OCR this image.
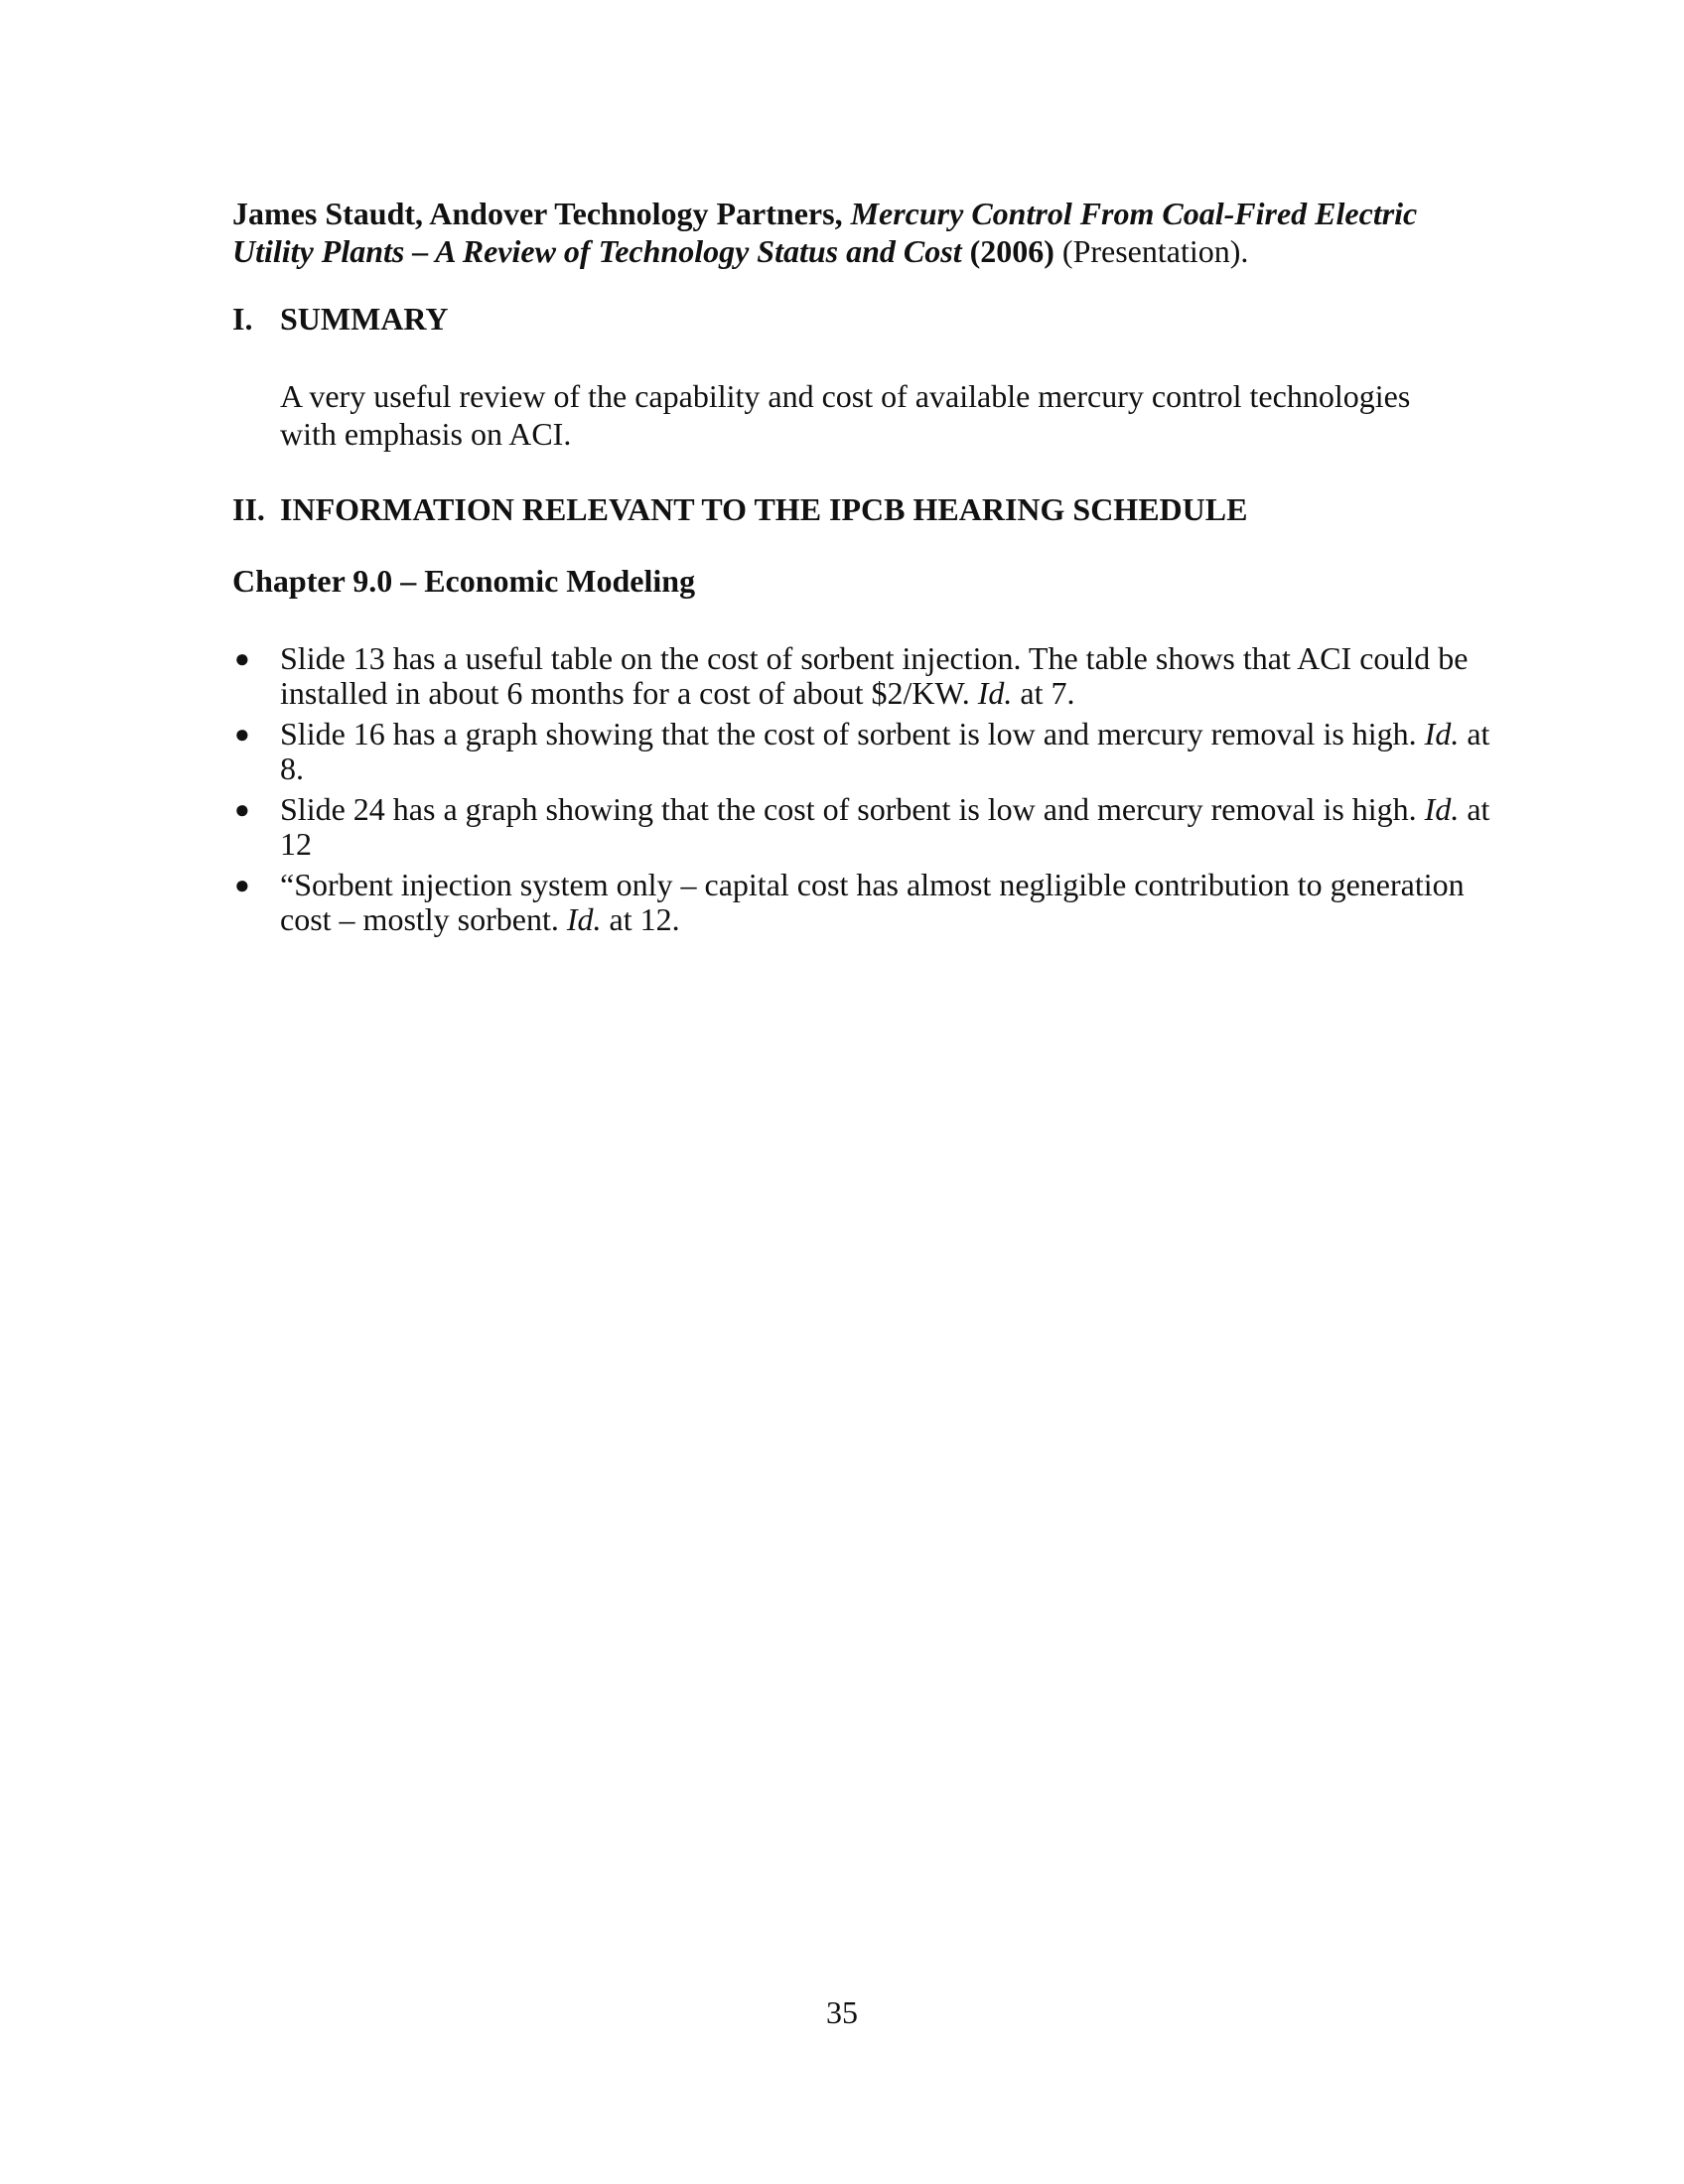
James Staudt, Andover Technology Partners, Mercury Control From Coal-Fired Electric Utility Plants – A Review of Technology Status and Cost (2006) (Presentation).
I. SUMMARY
A very useful review of the capability and cost of available mercury control technologies with emphasis on ACI.
II. INFORMATION RELEVANT TO THE IPCB HEARING SCHEDULE
Chapter 9.0 – Economic Modeling
● Slide 13 has a useful table on the cost of sorbent injection. The table shows that ACI could be installed in about 6 months for a cost of about $2/KW. Id. at 7.
● Slide 16 has a graph showing that the cost of sorbent is low and mercury removal is high. Id. at 8.
● Slide 24 has a graph showing that the cost of sorbent is low and mercury removal is high. Id. at 12
● “Sorbent injection system only – capital cost has almost negligible contribution to generation cost – mostly sorbent. Id. at 12.
35
